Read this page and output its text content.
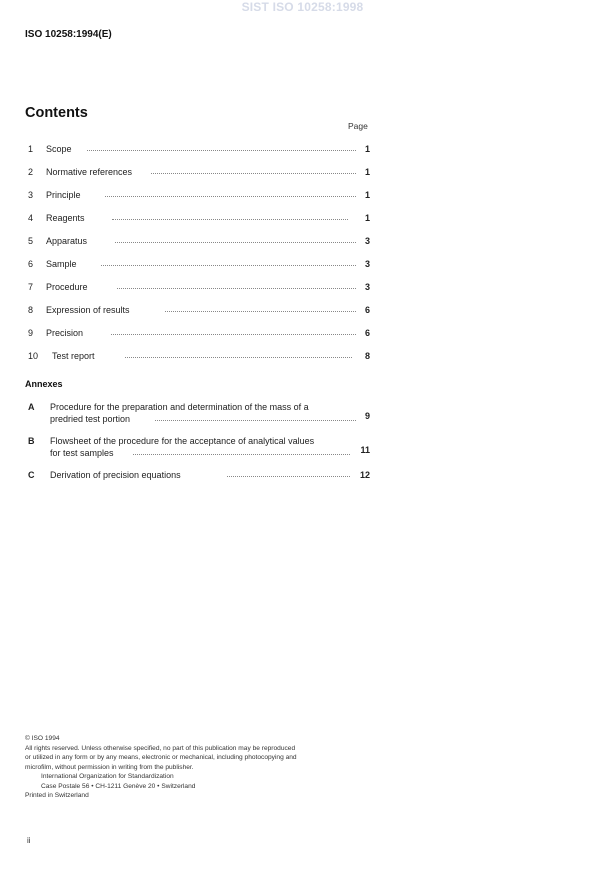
SIST ISO 10258:1998
ISO 10258:1994(E)
Contents
Page
1 Scope	1
2 Normative references	1
3 Principle	1
4 Reagents	1
5 Apparatus	3
6 Sample	3
7 Procedure	3
8 Expression of results	6
9 Precision	6
10 Test report	8
Annexes
A Procedure for the preparation and determination of the mass of a
predried test portion	9
B Flowsheet of the procedure for the acceptance of analytical values
for test samples	11
C Derivation of precision equations	12

© ISO 1994

All rights reserved. Unless otherwise specified, no part of this publication may be reproduced

or utilized in any form or by any means, electronic or mechanical, including photocopying and

microfilm, without permission in writing from the publisher.

International Organization for Standardization

Case Postale 56 • CH-1211 Genève 20 • Switzerland

Printed in Switzerland

ii
